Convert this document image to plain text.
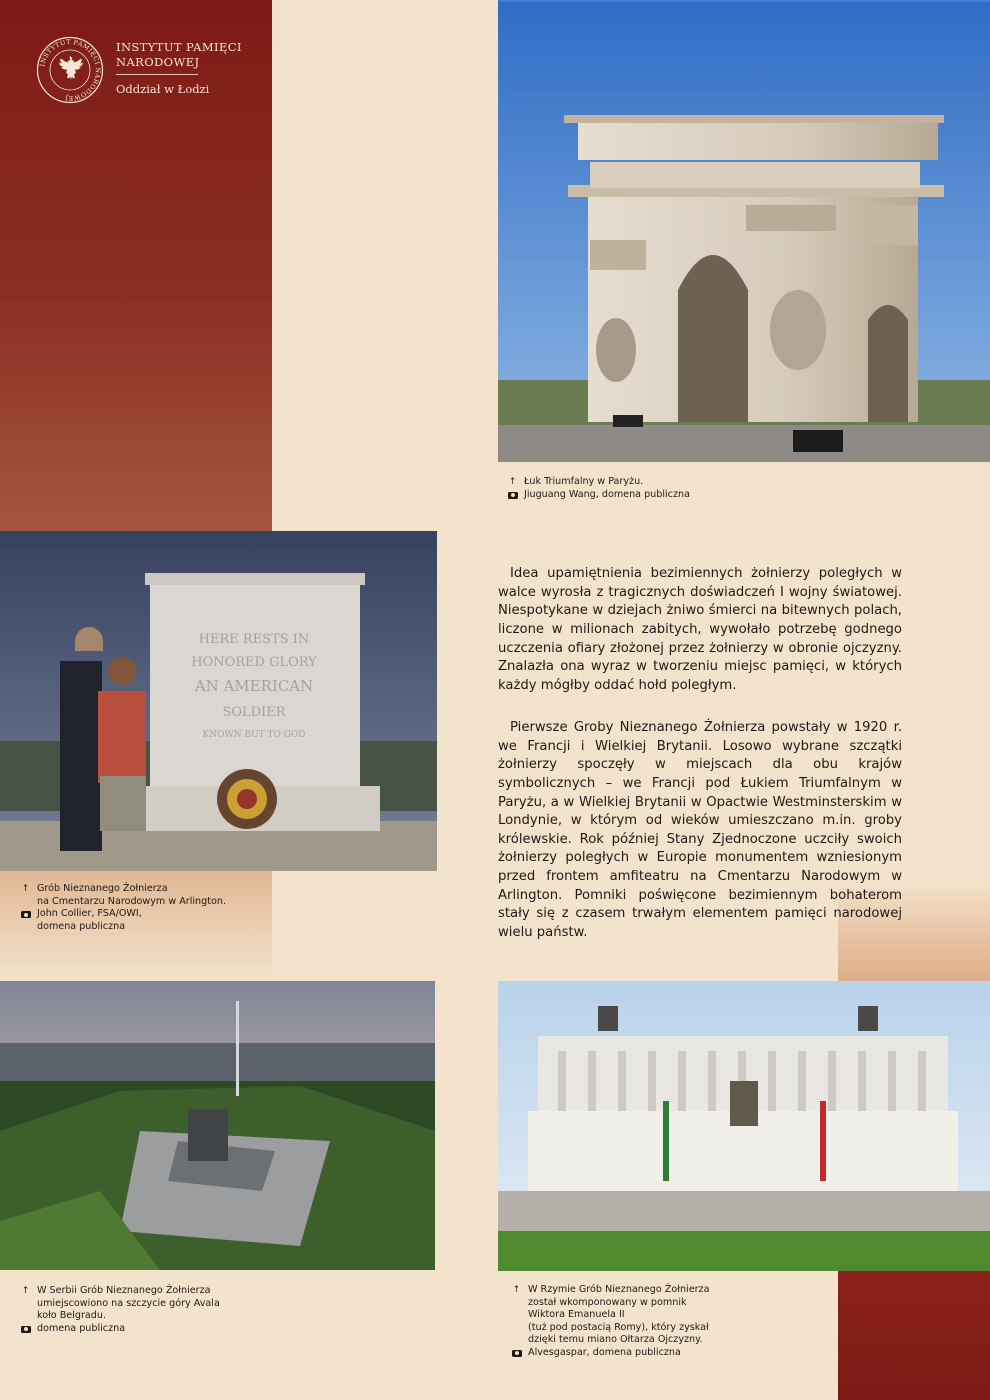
INSTYTUT PAMIĘCI NARODOWEJ
INSTYTUT PAMIĘCI
NARODOWEJ
Oddział w Łodzi
HERE RESTS IN
HONORED GLORY
AN AMERICAN
SOLDIER
KNOWN BUT TO GOD
↑ Łuk Triumfalny w Paryżu.
Jiuguang Wang, domena publiczna
↑ Grób Nieznanego Żołnierza
na Cmentarzu Narodowym w Arlington.
John Collier, FSA/OWI,
domena publiczna
↑ W Serbii Grób Nieznanego Żołnierza
umiejscowiono na szczycie góry Avala
koło Belgradu.
domena publiczna
↑ W Rzymie Grób Nieznanego Żołnierza
został wkomponowany w pomnik
Wiktora Emanuela II
(tuż pod postacią Romy), który zyskał
dzięki temu miano Ołtarza Ojczyzny.
Alvesgaspar, domena publiczna

Idea upamiętnienia bezimiennych żołnierzy poległych w walce wyrosła z tragicznych doświadczeń I wojny światowej. Niespotykane w dziejach żniwo śmierci na bitewnych polach, liczone w milionach zabitych, wywołało potrzebę godnego uczczenia ofiary złożonej przez żołnierzy w obronie ojczyzny. Znalazła ona wyraz w tworzeniu miejsc pamięci, w których każdy mógłby oddać hołd poległym.

Pierwsze Groby Nieznanego Żołnierza powstały w 1920 r. we Francji i Wielkiej Brytanii. Losowo wybrane szczątki żołnierzy spoczęły w miejscach dla obu krajów symbolicznych – we Francji pod Łukiem Triumfalnym w Paryżu, a w Wielkiej Brytanii w Opactwie Westminsterskim w Londynie, w którym od wieków umieszczano m.in. groby królewskie. Rok później Stany Zjednoczone uczciły swoich żołnierzy poległych w Europie monumentem wzniesionym przed frontem amfiteatru na Cmentarzu Narodowym w Arlington. Pomniki poświęcone bezimiennym bohaterom stały się z czasem trwałym elementem pamięci narodowej wielu państw.
